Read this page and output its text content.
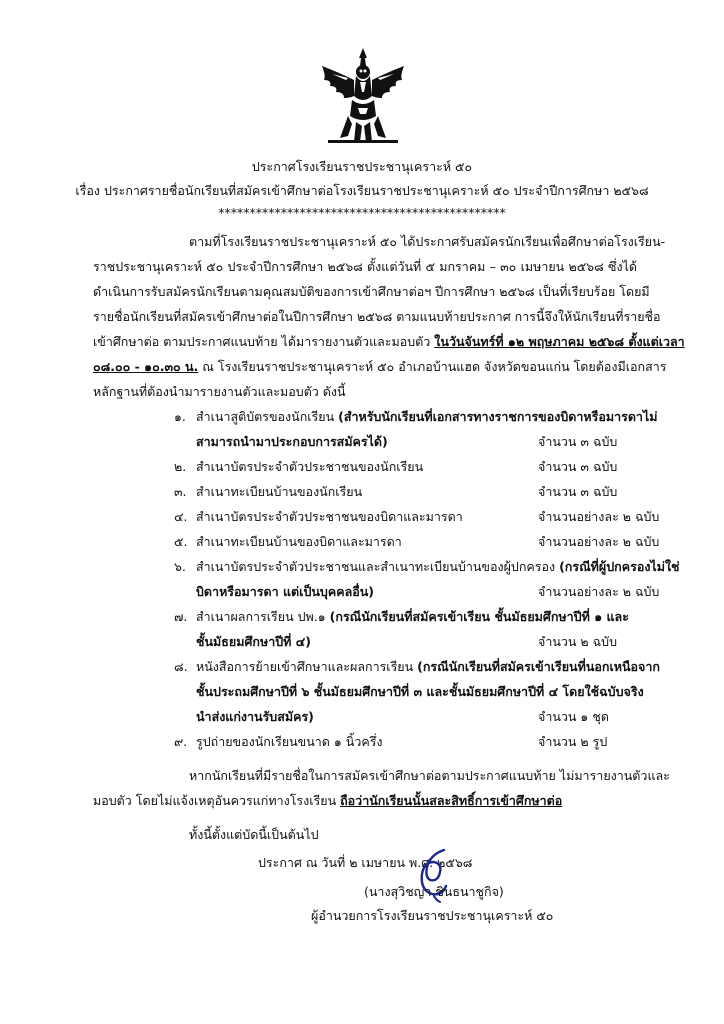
ประกาศโรงเรียนราชประชานุเคราะห์ ๕๐
เรื่อง ประกาศรายชื่อนักเรียนที่สมัครเข้าศึกษาต่อโรงเรียนราชประชานุเคราะห์ ๕๐ ประจำปีการศึกษา ๒๕๖๘
**********************************************
ตามที่โรงเรียนราชประชานุเคราะห์ ๕๐ ได้ประกาศรับสมัครนักเรียนเพื่อศึกษาต่อโรงเรียน-
ราชประชานุเคราะห์ ๕๐ ประจำปีการศึกษา ๒๕๖๘ ตั้งแต่วันที่ ๕ มกราคม – ๓๐ เมษายน ๒๕๖๘ ซึ่งได้
ดำเนินการรับสมัครนักเรียนตามคุณสมบัติของการเข้าศึกษาต่อฯ ปีการศึกษา ๒๕๖๘ เป็นที่เรียบร้อย โดยมี
รายชื่อนักเรียนที่สมัครเข้าศึกษาต่อในปีการศึกษา ๒๕๖๘ ตามแนบท้ายประกาศ การนี้จึงให้นักเรียนที่รายชื่อ
เข้าศึกษาต่อ ตามประกาศแนบท้าย ได้มารายงานตัวและมอบตัว ในวันจันทร์ที่ ๑๒ พฤษภาคม ๒๕๖๘ ตั้งแต่เวลา
๐๘.๐๐ - ๑๐.๓๐ น. ณ โรงเรียนราชประชานุเคราะห์ ๕๐ อำเภอบ้านแฮด จังหวัดขอนแก่น โดยต้องมีเอกสาร
หลักฐานที่ต้องนำมารายงานตัวและมอบตัว ดังนี้
๑. สำเนาสูติบัตรของนักเรียน (สำหรับนักเรียนที่เอกสารทางราชการของบิดาหรือมารดาไม่
สามารถนำมาประกอบการสมัครได้)	จำนวน ๓ ฉบับ
๒. สำเนาบัตรประจำตัวประชาชนของนักเรียน	จำนวน ๓ ฉบับ
๓. สำเนาทะเบียนบ้านของนักเรียน	จำนวน ๓ ฉบับ
๔. สำเนาบัตรประจำตัวประชาชนของบิดาและมารดา	จำนวนอย่างละ ๒ ฉบับ
๕. สำเนาทะเบียนบ้านของบิดาและมารดา	จำนวนอย่างละ ๒ ฉบับ
๖. สำเนาบัตรประจำตัวประชาชนและสำเนาทะเบียนบ้านของผู้ปกครอง (กรณีที่ผู้ปกครองไม่ใช่
บิดาหรือมารดา แต่เป็นบุคคลอื่น)	จำนวนอย่างละ ๒ ฉบับ
๗. สำเนาผลการเรียน ปพ.๑ (กรณีนักเรียนที่สมัครเข้าเรียน ชั้นมัธยมศึกษาปีที่ ๑ และ
ชั้นมัธยมศึกษาปีที่ ๔)	จำนวน ๒ ฉบับ
๘. หนังสือการย้ายเข้าศึกษาและผลการเรียน (กรณีนักเรียนที่สมัครเข้าเรียนที่นอกเหนือจาก
ชั้นประถมศึกษาปีที่ ๖ ชั้นมัธยมศึกษาปีที่ ๓ และชั้นมัธยมศึกษาปีที่ ๔ โดยใช้ฉบับจริง
นำส่งแก่งานรับสมัคร)	จำนวน ๑ ชุด
๙. รูปถ่ายของนักเรียนขนาด ๑ นิ้วครึ่ง	จำนวน ๒ รูป
หากนักเรียนที่มีรายชื่อในการสมัครเข้าศึกษาต่อตามประกาศแนบท้าย ไม่มารายงานตัวและ
มอบตัว โดยไม่แจ้งเหตุอันควรแก่ทางโรงเรียน ถือว่านักเรียนนั้นสละสิทธิ์การเข้าศึกษาต่อ
ทั้งนี้ตั้งแต่บัดนี้เป็นต้นไป
ประกาศ ณ วันที่ ๒ เมษายน พ.ศ. ๒๕๖๘
(นางสุวิชญา ชินธนาชูกิจ)
ผู้อำนวยการโรงเรียนราชประชานุเคราะห์ ๕๐
